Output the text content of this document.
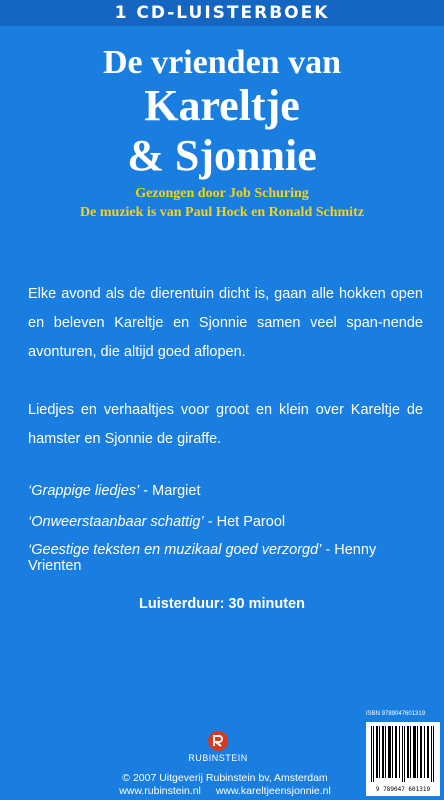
1 CD-LUISTERBOEK
De vrienden van
Kareltje
& Sjonnie
Gezongen door Job Schuring
De muziek is van Paul Hock en Ronald Schmitz
Elke avond als de dierentuin dicht is, gaan alle hokken open en beleven Kareltje en Sjonnie samen veel span-nende avonturen, die altijd goed aflopen.
Liedjes en verhaaltjes voor groot en klein over Kareltje de hamster en Sjonnie de giraffe.
‘Grappige liedjes’ - Margiet
‘Onweerstaanbaar schattig’ - Het Parool
‘Geestige teksten en muzikaal goed verzorgd’ - Henny Vrienten
Luisterduur: 30 minuten
RUBINSTEIN
© 2007 Uitgeverij Rubinstein bv, Amsterdam
www.rubinstein.nl www.kareltjeensjonnie.nl
ISBN 9789047601319
9 789047 601319
